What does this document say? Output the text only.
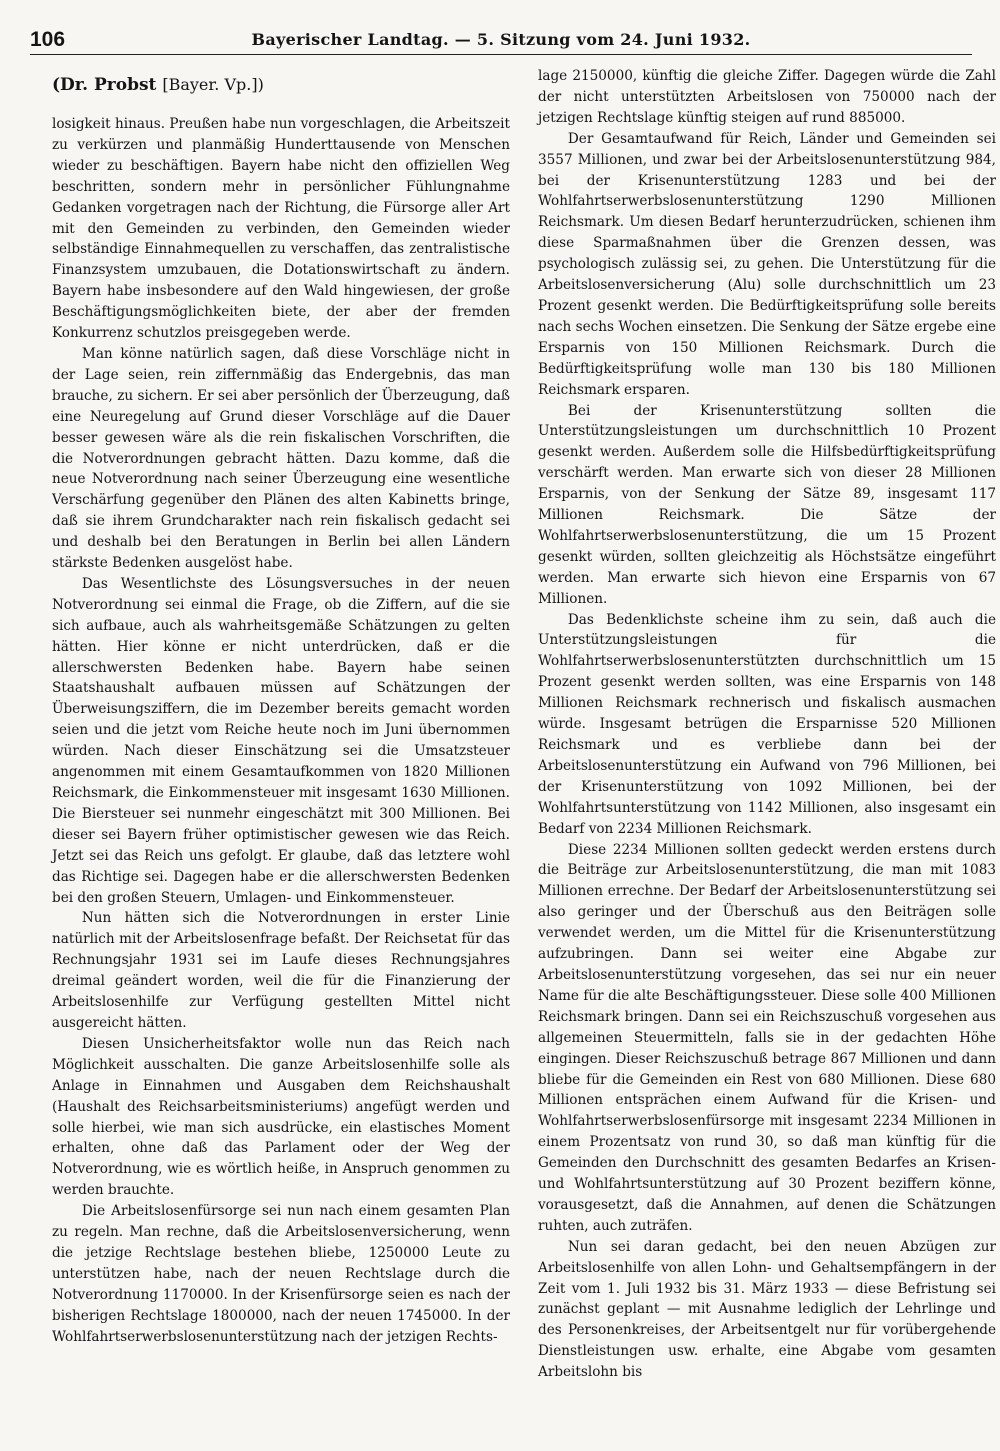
106	Bayerischer Landtag. — 5. Sitzung vom 24. Juni 1932.
(Dr. Probst [Bayer. Vp.])

losigkeit hinaus. Preußen habe nun vorgeschlagen, die Arbeitszeit zu verkürzen und planmäßig Hunderttausende von Menschen wieder zu beschäftigen. Bayern habe nicht den offiziellen Weg beschritten, sondern mehr in persönlicher Fühlungnahme Gedanken vorgetragen nach der Richtung, die Fürsorge aller Art mit den Gemeinden zu verbinden, den Gemeinden wieder selbständige Einnahmequellen zu verschaffen, das zentralistische Finanzsystem umzubauen, die Dotationswirtschaft zu ändern. Bayern habe insbesondere auf den Wald hingewiesen, der große Beschäftigungsmöglichkeiten biete, der aber der fremden Konkurrenz schutzlos preisgegeben werde.

Man könne natürlich sagen, daß diese Vorschläge nicht in der Lage seien, rein ziffernmäßig das Endergebnis, das man brauche, zu sichern. Er sei aber persönlich der Überzeugung, daß eine Neuregelung auf Grund dieser Vorschläge auf die Dauer besser gewesen wäre als die rein fiskalischen Vorschriften, die die Notverordnungen gebracht hätten. Dazu komme, daß die neue Notverordnung nach seiner Überzeugung eine wesentliche Verschärfung gegenüber den Plänen des alten Kabinetts bringe, daß sie ihrem Grundcharakter nach rein fiskalisch gedacht sei und deshalb bei den Beratungen in Berlin bei allen Ländern stärkste Bedenken ausgelöst habe.

Das Wesentlichste des Lösungsversuches in der neuen Notverordnung sei einmal die Frage, ob die Ziffern, auf die sie sich aufbaue, auch als wahrheitsgemäße Schätzungen zu gelten hätten. Hier könne er nicht unterdrücken, daß er die allerschwersten Bedenken habe. Bayern habe seinen Staatshaushalt aufbauen müssen auf Schätzungen der Überweisungsziffern, die im Dezember bereits gemacht worden seien und die jetzt vom Reiche heute noch im Juni übernommen würden. Nach dieser Einschätzung sei die Umsatzsteuer angenommen mit einem Gesamtaufkommen von 1820 Millionen Reichsmark, die Einkommensteuer mit insgesamt 1630 Millionen. Die Biersteuer sei nunmehr eingeschätzt mit 300 Millionen. Bei dieser sei Bayern früher optimistischer gewesen wie das Reich. Jetzt sei das Reich uns gefolgt. Er glaube, daß das letztere wohl das Richtige sei. Dagegen habe er die allerschwersten Bedenken bei den großen Steuern, Umlagen- und Einkommensteuer.

Nun hätten sich die Notverordnungen in erster Linie natürlich mit der Arbeitslosenfrage befaßt. Der Reichsetat für das Rechnungsjahr 1931 sei im Laufe dieses Rechnungsjahres dreimal geändert worden, weil die für die Finanzierung der Arbeitslosenhilfe zur Verfügung gestellten Mittel nicht ausgereicht hätten.

Diesen Unsicherheitsfaktor wolle nun das Reich nach Möglichkeit ausschalten. Die ganze Arbeitslosenhilfe solle als Anlage in Einnahmen und Ausgaben dem Reichshaushalt (Haushalt des Reichsarbeitsministeriums) angefügt werden und solle hierbei, wie man sich ausdrücke, ein elastisches Moment erhalten, ohne daß das Parlament oder der Weg der Notverordnung, wie es wörtlich heiße, in Anspruch genommen zu werden brauchte.

Die Arbeitslosenfürsorge sei nun nach einem gesamten Plan zu regeln. Man rechne, daß die Arbeitslosenversicherung, wenn die jetzige Rechtslage bestehen bliebe, 1250000 Leute zu unterstützen habe, nach der neuen Rechtslage durch die Notverordnung 1170000. In der Krisenfürsorge seien es nach der bisherigen Rechtslage 1800000, nach der neuen 1745000. In der Wohlfahrtserwerbslosenunterstützung nach der jetzigen Rechts-

lage 2150000, künftig die gleiche Ziffer. Dagegen würde die Zahl der nicht unterstützten Arbeitslosen von 750000 nach der jetzigen Rechtslage künftig steigen auf rund 885000.

Der Gesamtaufwand für Reich, Länder und Gemeinden sei 3557 Millionen, und zwar bei der Arbeitslosenunterstützung 984, bei der Krisenunterstützung 1283 und bei der Wohlfahrtserwerbslosenunterstützung 1290 Millionen Reichsmark. Um diesen Bedarf herunterzudrücken, schienen ihm diese Sparmaßnahmen über die Grenzen dessen, was psychologisch zulässig sei, zu gehen. Die Unterstützung für die Arbeitslosenversicherung (Alu) solle durchschnittlich um 23 Prozent gesenkt werden. Die Bedürftigkeitsprüfung solle bereits nach sechs Wochen einsetzen. Die Senkung der Sätze ergebe eine Ersparnis von 150 Millionen Reichsmark. Durch die Bedürftigkeitsprüfung wolle man 130 bis 180 Millionen Reichsmark ersparen.

Bei der Krisenunterstützung sollten die Unterstützungsleistungen um durchschnittlich 10 Prozent gesenkt werden. Außerdem solle die Hilfsbedürftigkeitsprüfung verschärft werden. Man erwarte sich von dieser 28 Millionen Ersparnis, von der Senkung der Sätze 89, insgesamt 117 Millionen Reichsmark. Die Sätze der Wohlfahrtserwerbslosenunterstützung, die um 15 Prozent gesenkt würden, sollten gleichzeitig als Höchstsätze eingeführt werden. Man erwarte sich hievon eine Ersparnis von 67 Millionen.

Das Bedenklichste scheine ihm zu sein, daß auch die Unterstützungsleistungen für die Wohlfahrtserwerbslosenunterstützten durchschnittlich um 15 Prozent gesenkt werden sollten, was eine Ersparnis von 148 Millionen Reichsmark rechnerisch und fiskalisch ausmachen würde. Insgesamt betrügen die Ersparnisse 520 Millionen Reichsmark und es verbliebe dann bei der Arbeitslosenunterstützung ein Aufwand von 796 Millionen, bei der Krisenunterstützung von 1092 Millionen, bei der Wohlfahrtsunterstützung von 1142 Millionen, also insgesamt ein Bedarf von 2234 Millionen Reichsmark.

Diese 2234 Millionen sollten gedeckt werden erstens durch die Beiträge zur Arbeitslosenunterstützung, die man mit 1083 Millionen errechne. Der Bedarf der Arbeitslosenunterstützung sei also geringer und der Überschuß aus den Beiträgen solle verwendet werden, um die Mittel für die Krisenunterstützung aufzubringen. Dann sei weiter eine Abgabe zur Arbeitslosenunterstützung vorgesehen, das sei nur ein neuer Name für die alte Beschäftigungssteuer. Diese solle 400 Millionen Reichsmark bringen. Dann sei ein Reichszuschuß vorgesehen aus allgemeinen Steuermitteln, falls sie in der gedachten Höhe eingingen. Dieser Reichszuschuß betrage 867 Millionen und dann bliebe für die Gemeinden ein Rest von 680 Millionen. Diese 680 Millionen entsprächen einem Aufwand für die Krisen- und Wohlfahrtserwerbslosenfürsorge mit insgesamt 2234 Millionen in einem Prozentsatz von rund 30, so daß man künftig für die Gemeinden den Durchschnitt des gesamten Bedarfes an Krisen- und Wohlfahrtsunterstützung auf 30 Prozent beziffern könne, vorausgesetzt, daß die Annahmen, auf denen die Schätzungen ruhten, auch zuträfen.

Nun sei daran gedacht, bei den neuen Abzügen zur Arbeitslosenhilfe von allen Lohn- und Gehaltsempfängern in der Zeit vom 1. Juli 1932 bis 31. März 1933 — diese Befristung sei zunächst geplant — mit Ausnahme lediglich der Lehrlinge und des Personenkreises, der Arbeitsentgelt nur für vorübergehende Dienstleistungen usw. erhalte, eine Abgabe vom gesamten Arbeitslohn bis
